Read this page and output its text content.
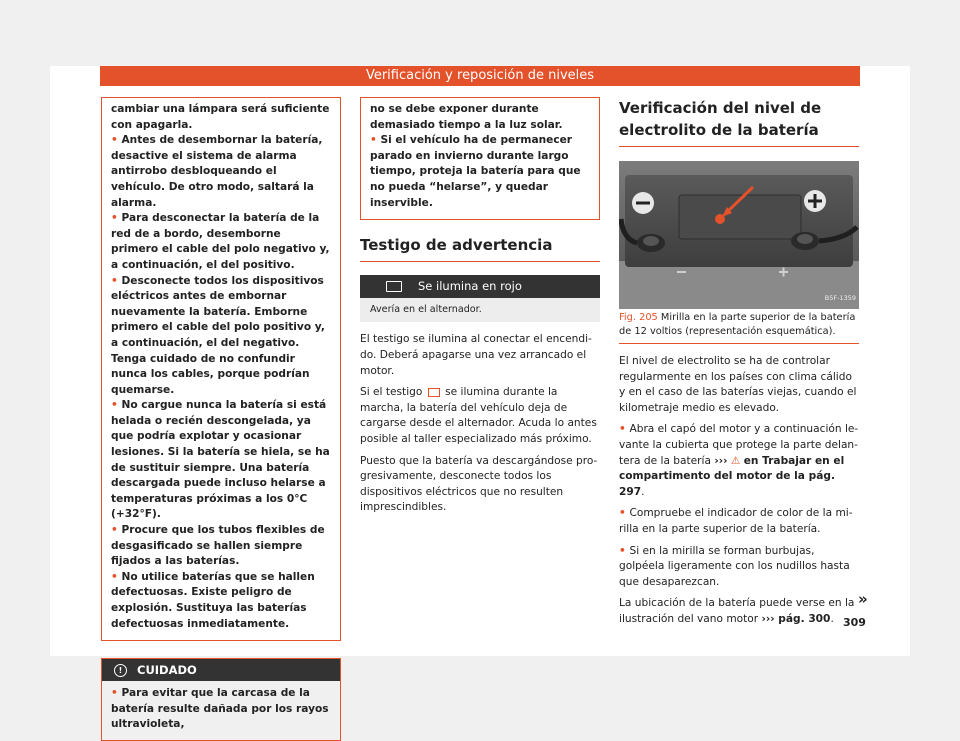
Verificación y reposición de niveles

cambiar una lámpara será suficiente con apagarla.

• Antes de desembornar la batería, desactive el sistema de alarma antirrobo desbloqueando el vehículo. De otro modo, saltará la alarma.

• Para desconectar la batería de la red de a bordo, desemborne primero el cable del polo negativo y, a continuación, el del positivo.

• Desconecte todos los dispositivos eléctricos antes de embornar nuevamente la batería. Emborne primero el cable del polo positivo y, a continuación, el del negativo. Tenga cuidado de no confundir nunca los cables, porque podrían quemarse.

• No cargue nunca la batería si está helada o recién descongelada, ya que podría explotar y ocasionar lesiones. Si la batería se hiela, se ha de sustituir siempre. Una batería descargada puede incluso helarse a temperaturas próximas a los 0°C (+32°F).

• Procure que los tubos flexibles de desgasificado se hallen siempre fijados a las baterías.

• No utilice baterías que se hallen defectuosas. Existe peligro de explosión. Sustituya las baterías defectuosas inmediatamente.

! CUIDADO
• Para evitar que la carcasa de la batería resulte dañada por los rayos ultravioleta,

no se debe exponer durante demasiado tiempo a la luz solar.

• Si el vehículo ha de permanecer parado en invierno durante largo tiempo, proteja la batería para que no pueda “helarse”, y quedar inservible.

Testigo de advertencia
Se ilumina en rojo
Avería en el alternador.

El testigo se ilumina al conectar el encendido. Deberá apagarse una vez arrancado el motor.

Si el testigo se ilumina durante la marcha, la batería del vehículo deja de cargarse desde el alternador. Acuda lo antes posible al taller especializado más próximo.

Puesto que la batería va descargándose progresivamente, desconecte todos los dispositivos eléctricos que no resulten imprescindibles.

Verificación del nivel de electrolito de la batería
B5F-1359
Fig. 205 Mirilla en la parte superior de la batería de 12 voltios (representación esquemática).

El nivel de electrolito se ha de controlar regularmente en los países con clima cálido y en el caso de las baterías viejas, cuando el kilometraje medio es elevado.

• Abra el capó del motor y a continuación levante la cubierta que protege la parte delantera de la batería ››› ⚠ en Trabajar en el compartimento del motor de la pág. 297.

• Compruebe el indicador de color de la mirilla en la parte superior de la batería.

• Si en la mirilla se forman burbujas, golpéela ligeramente con los nudillos hasta que desaparezcan.

La ubicación de la batería puede verse en la ilustración del vano motor ››› pág. 300.

»
309
